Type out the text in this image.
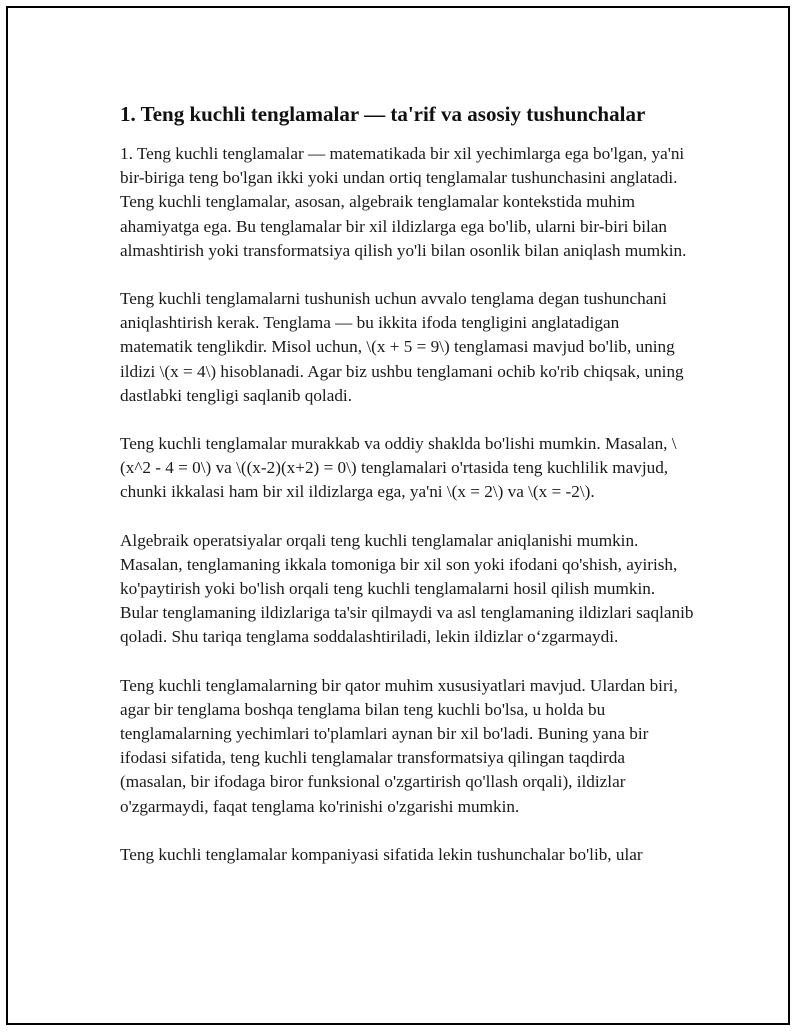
1. Teng kuchli tenglamalar — ta'rif va asosiy tushunchalar

1. Teng kuchli tenglamalar — matematikada bir xil yechimlarga ega bo'lgan, ya'ni bir-biriga teng bo'lgan ikki yoki undan ortiq tenglamalar tushunchasini anglatadi. Teng kuchli tenglamalar, asosan, algebraik tenglamalar kontekstida muhim ahamiyatga ega. Bu tenglamalar bir xil ildizlarga ega bo'lib, ularni bir-biri bilan almashtirish yoki transformatsiya qilish yo'li bilan osonlik bilan aniqlash mumkin.

Teng kuchli tenglamalarni tushunish uchun avvalo tenglama degan tushunchani aniqlashtirish kerak. Tenglama — bu ikkita ifoda tengligini anglatadigan matematik tenglikdir. Misol uchun, \(x + 5 = 9\) tenglamasi mavjud bo'lib, uning ildizi \(x = 4\) hisoblanadi. Agar biz ushbu tenglamani ochib ko'rib chiqsak, uning dastlabki tengligi saqlanib qoladi.

Teng kuchli tenglamalar murakkab va oddiy shaklda bo'lishi mumkin. Masalan, \(x^2 - 4 = 0\) va \((x-2)(x+2) = 0\) tenglamalari o'rtasida teng kuchlilik mavjud, chunki ikkalasi ham bir xil ildizlarga ega, ya'ni \(x = 2\) va \(x = -2\).

Algebraik operatsiyalar orqali teng kuchli tenglamalar aniqlanishi mumkin. Masalan, tenglamaning ikkala tomoniga bir xil son yoki ifodani qo'shish, ayirish, ko'paytirish yoki bo'lish orqali teng kuchli tenglamalarni hosil qilish mumkin. Bular tenglamaning ildizlariga ta'sir qilmaydi va asl tenglamaning ildizlari saqlanib qoladi. Shu tariqa tenglama soddalashtiriladi, lekin ildizlar o‘zgarmaydi.

Teng kuchli tenglamalarning bir qator muhim xususiyatlari mavjud. Ulardan biri, agar bir tenglama boshqa tenglama bilan teng kuchli bo'lsa, u holda bu tenglamalarning yechimlari to'plamlari aynan bir xil bo'ladi. Buning yana bir ifodasi sifatida, teng kuchli tenglamalar transformatsiya qilingan taqdirda (masalan, bir ifodaga biror funksional o'zgartirish qo'llash orqali), ildizlar o'zgarmaydi, faqat tenglama ko'rinishi o'zgarishi mumkin.

Teng kuchli tenglamalar kompaniyasi sifatida lekin tushunchalar bo'lib, ular
